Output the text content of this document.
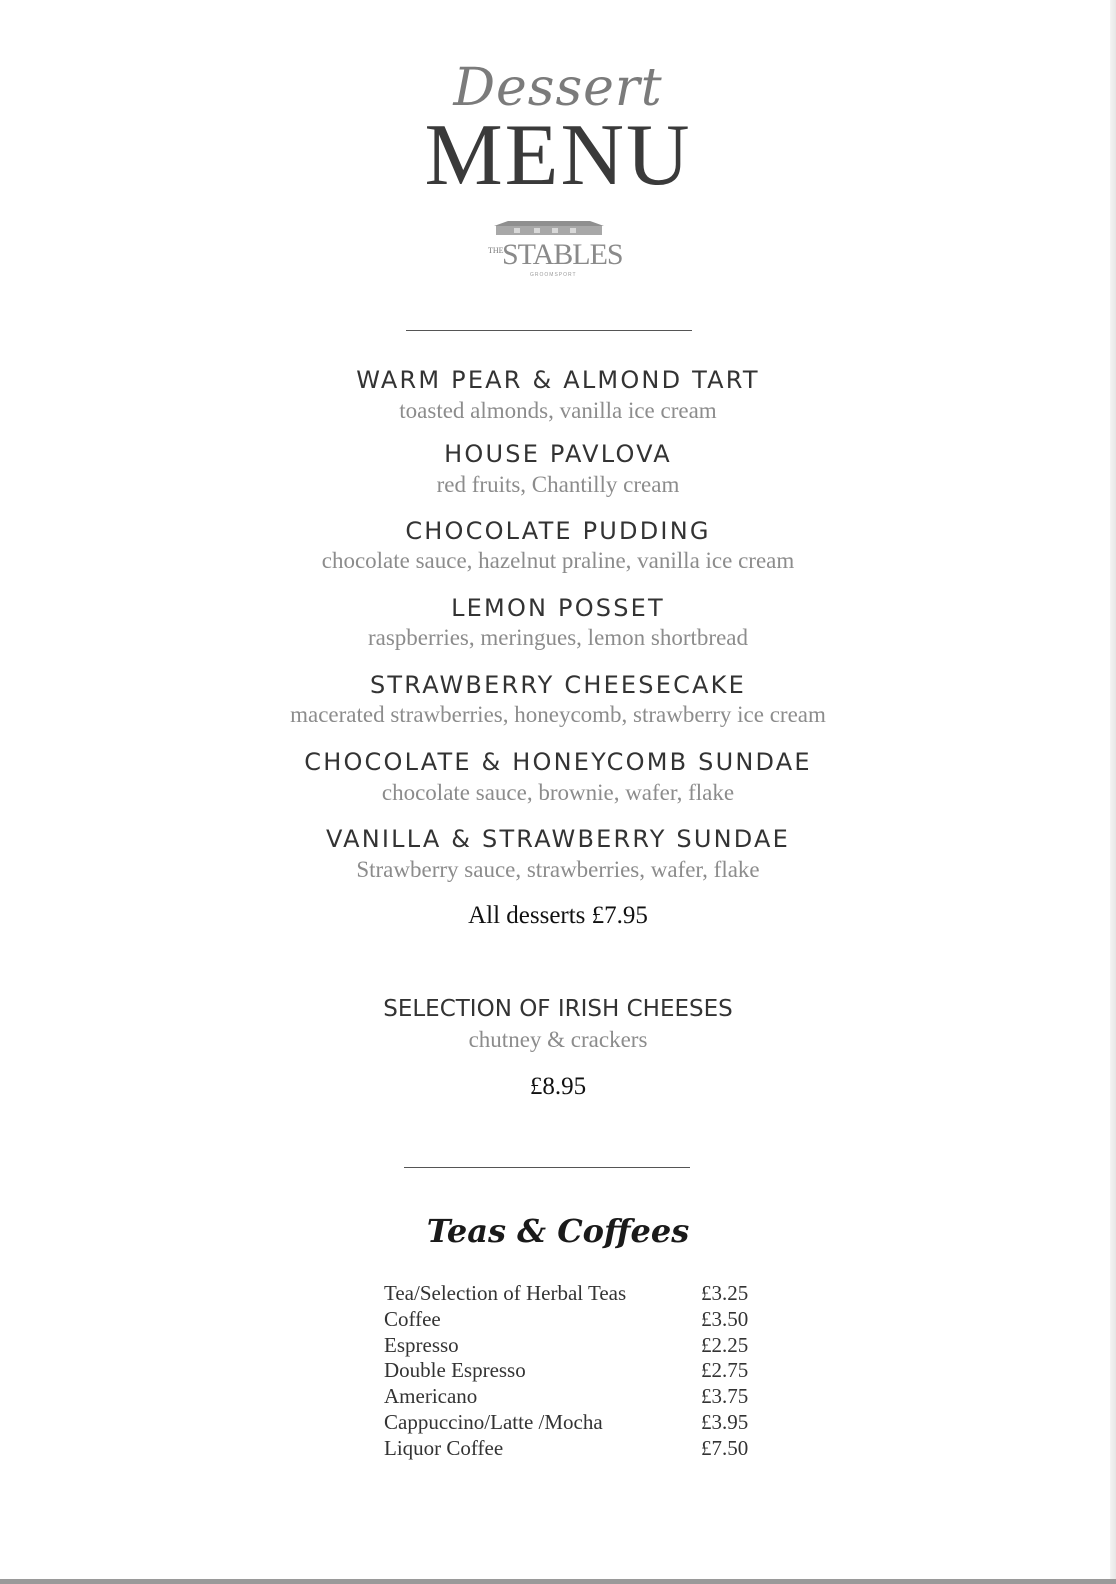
Dessert
MENU
THE
STABLES
GROOMSPORT
WARM PEAR & ALMOND TART
toasted almonds, vanilla ice cream
HOUSE PAVLOVA
red fruits, Chantilly cream
CHOCOLATE PUDDING
chocolate sauce, hazelnut praline, vanilla ice cream
LEMON POSSET
raspberries, meringues, lemon shortbread
STRAWBERRY CHEESECAKE
macerated strawberries, honeycomb, strawberry ice cream
CHOCOLATE & HONEYCOMB SUNDAE
chocolate sauce, brownie, wafer, flake
VANILLA & STRAWBERRY SUNDAE
Strawberry sauce, strawberries, wafer, flake
All desserts £7.95
SELECTION OF IRISH CHEESES
chutney & crackers
£8.95
Teas & Coffees
Tea/Selection of Herbal Teas	£3.25
Coffee	£3.50
Espresso	£2.25
Double Espresso	£2.75
Americano	£3.75
Cappuccino/Latte /Mocha	£3.95
Liquor Coffee	£7.50
